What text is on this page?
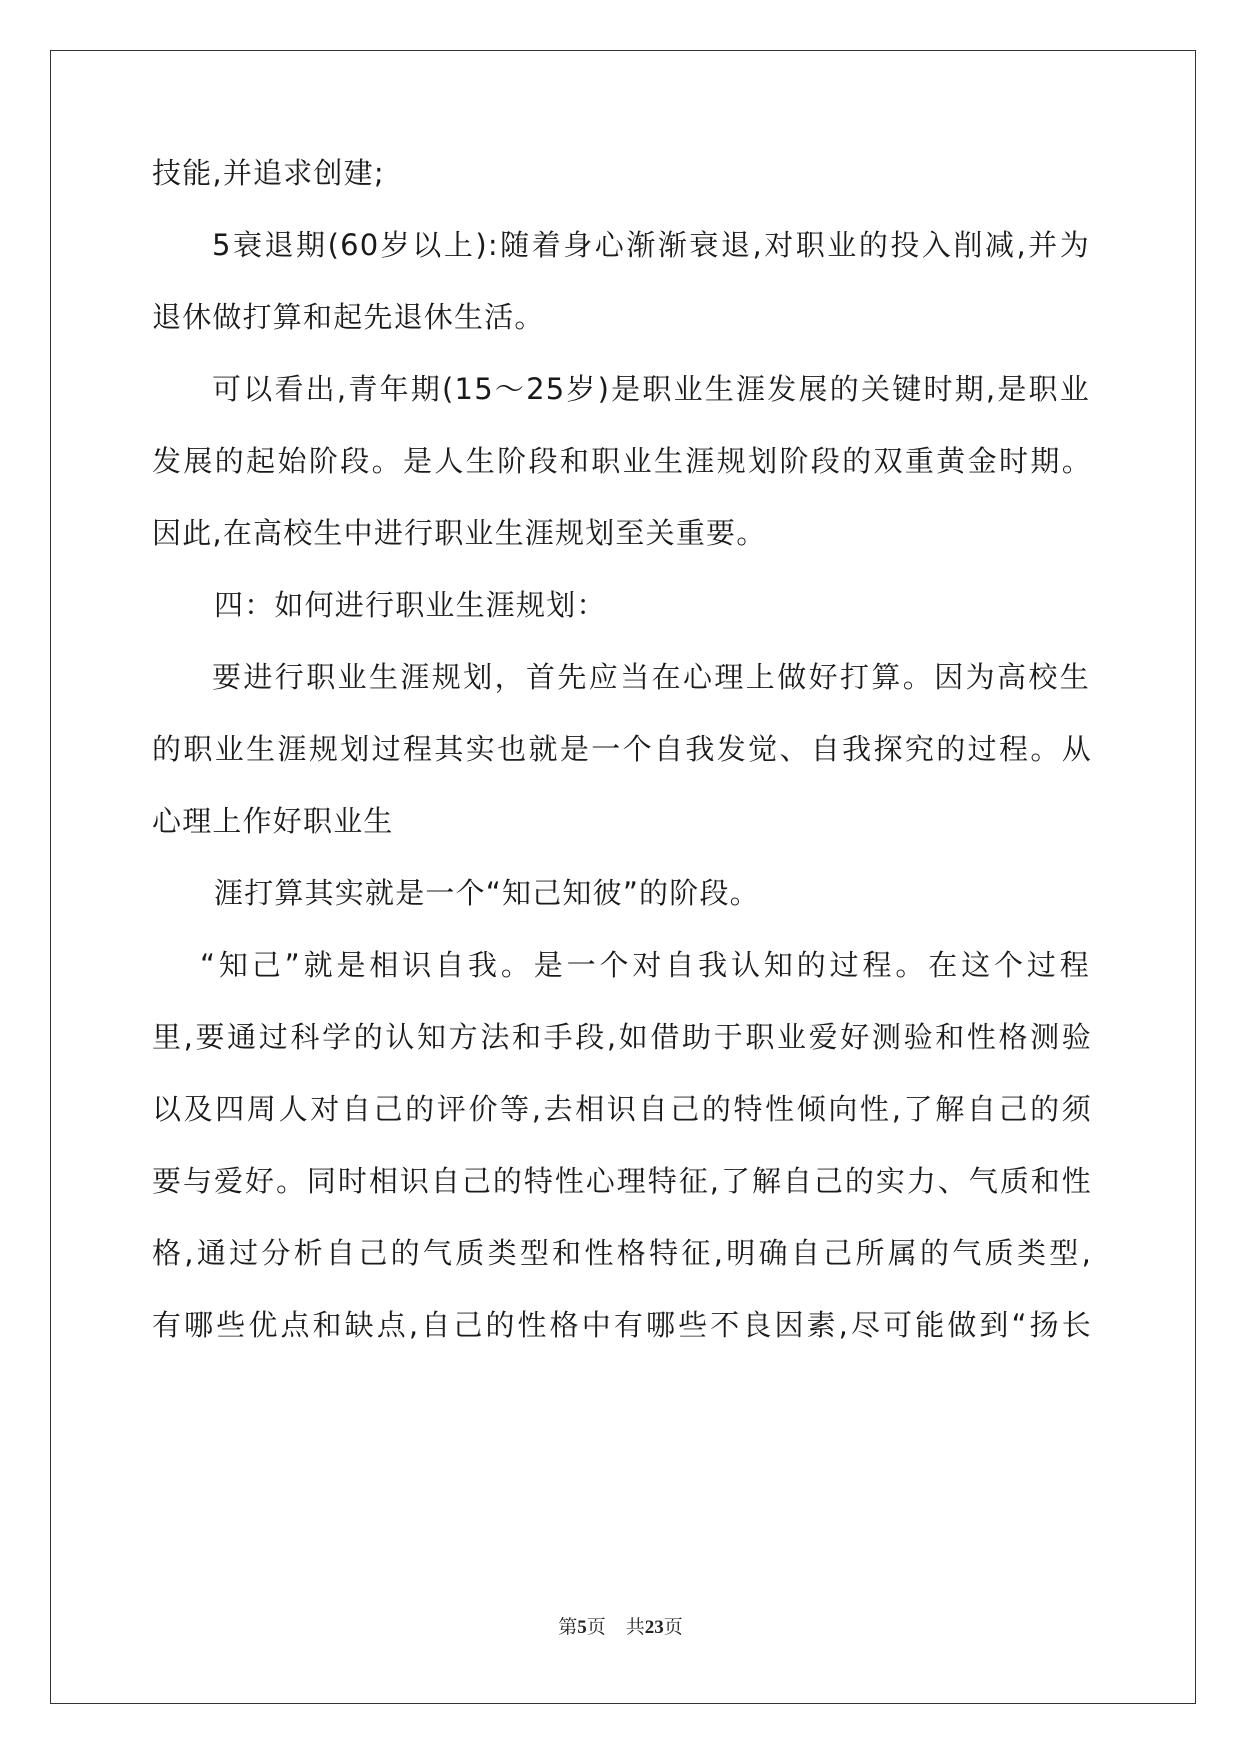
技能,并追求创建;
5衰退期(60岁以上):随着身心渐渐衰退,对职业的投入削减,并为
退休做打算和起先退休生活。
可以看出,青年期(15～25岁)是职业生涯发展的关键时期,是职业
发展的起始阶段。是人生阶段和职业生涯规划阶段的双重黄金时期。
因此,在高校生中进行职业生涯规划至关重要。
四：如何进行职业生涯规划：
要进行职业生涯规划，首先应当在心理上做好打算。因为高校生
的职业生涯规划过程其实也就是一个自我发觉、自我探究的过程。从
心理上作好职业生
涯打算其实就是一个“知己知彼”的阶段。
“知己”就是相识自我。是一个对自我认知的过程。在这个过程
里,要通过科学的认知方法和手段,如借助于职业爱好测验和性格测验
以及四周人对自己的评价等,去相识自己的特性倾向性,了解自己的须
要与爱好。同时相识自己的特性心理特征,了解自己的实力、气质和性
格,通过分析自己的气质类型和性格特征,明确自己所属的气质类型,
有哪些优点和缺点,自己的性格中有哪些不良因素,尽可能做到“扬长
第5页 共23页
